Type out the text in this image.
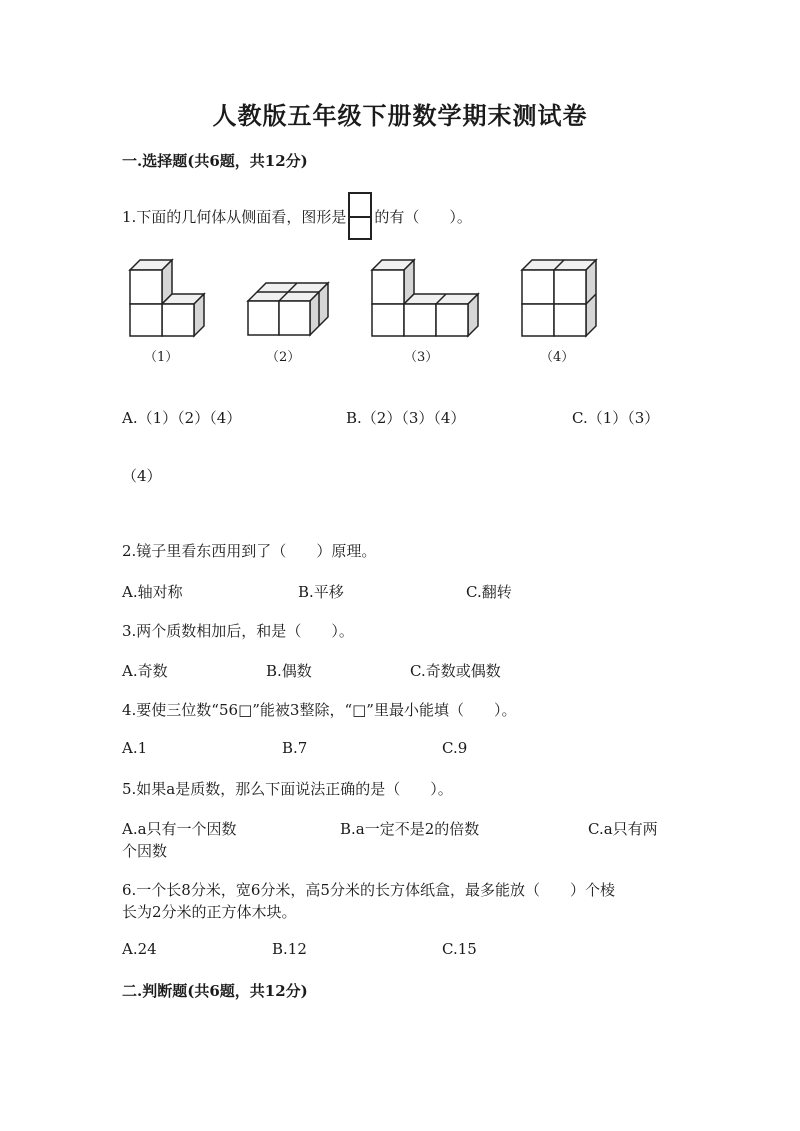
人教版五年级下册数学期末测试卷
一.选择题(共6题，共12分)
1.下面的几何体从侧面看，图形是 的有（　　）。
（1）	（2）	（3）	（4）
A.（1）（2）（4）	B.（2）（3）（4）	C.（1）（3）
（4）
2.镜子里看东西用到了（　　）原理。
A.轴对称	B.平移	C.翻转
3.两个质数相加后，和是（　　）。
A.奇数	B.偶数	C.奇数或偶数
4.要使三位数“56□”能被3整除，“□”里最小能填（　　）。
A.1	B.7	C.9
5.如果a是质数，那么下面说法正确的是（　　）。
A.a只有一个因数	B.a一定不是2的倍数	C.a只有两
个因数
6.一个长8分米，宽6分米，高5分米的长方体纸盒，最多能放（　　）个棱
长为2分米的正方体木块。
A.24	B.12	C.15
二.判断题(共6题，共12分)
